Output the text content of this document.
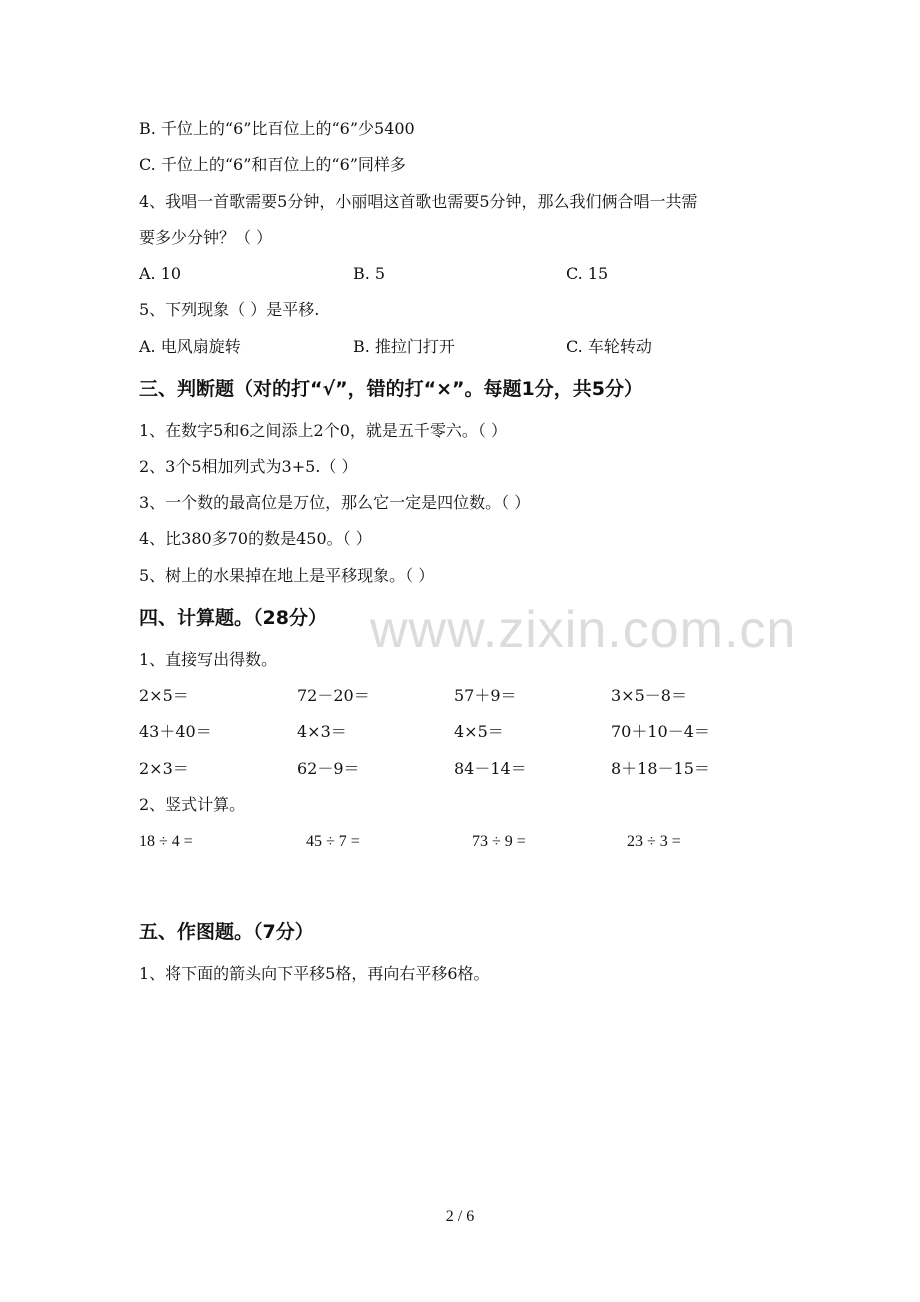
www.zixin.com.cn
B. 千位上的“6”比百位上的“6”少5400
C. 千位上的“6”和百位上的“6”同样多
4、我唱一首歌需要5分钟，小丽唱这首歌也需要5分钟，那么我们俩合唱一共需
要多少分钟？（ ）
A. 10	B. 5	C. 15
5、下列现象（ ）是平移.
A. 电风扇旋转	B. 推拉门打开	C. 车轮转动
三、判断题（对的打“√”，错的打“×”。每题1分，共5分）
1、在数字5和6之间添上2个0，就是五千零六。（ ）
2、3个5相加列式为3+5.（ ）
3、一个数的最高位是万位，那么它一定是四位数。（ ）
4、比380多70的数是450。（ ）
5、树上的水果掉在地上是平移现象。（ ）
四、计算题。（28分）
1、直接写出得数。
2×5＝	72－20＝	57＋9＝	3×5－8＝
43＋40＝	4×3＝	4×5＝	70＋10－4＝
2×3＝	62－9＝	84－14＝	8＋18－15＝
2、竖式计算。
18 ÷ 4 =	45 ÷ 7 =	73 ÷ 9 =	23 ÷ 3 =
五、作图题。（7分）
1、将下面的箭头向下平移5格，再向右平移6格。
2 / 6
